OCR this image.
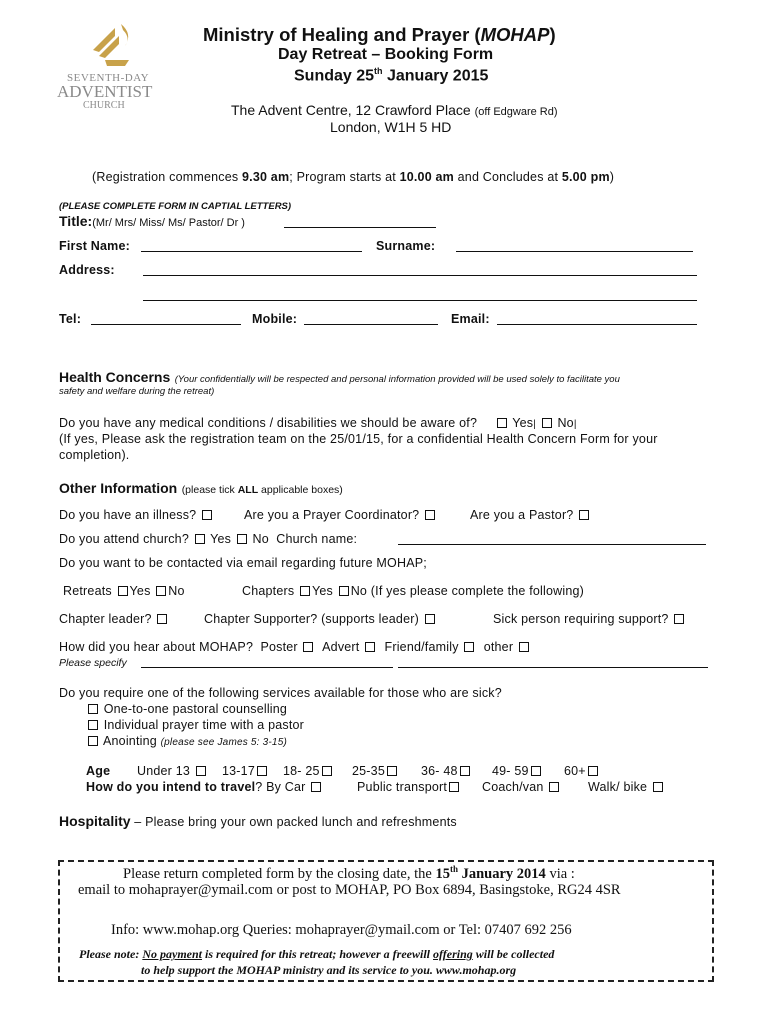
SEVENTH-DAY
ADVENTIST
CHURCH
Ministry of Healing and Prayer (MOHAP)
Day Retreat – Booking Form
Sunday 25th January 2015
The Advent Centre, 12 Crawford Place (off Edgware Rd)
London, W1H 5 HD
(Registration commences 9.30 am; Program starts at 10.00 am and Concludes at 5.00 pm)
(PLEASE COMPLETE FORM IN CAPTIAL LETTERS)
Title:(Mr/ Mrs/ Miss/ Ms/ Pastor/ Dr )
First Name:	Surname:
Address:
Tel:	Mobile:	Email:
Health Concerns (Your confidentially will be respected and personal information provided will be used solely to facilitate you
safety and welfare during the retreat)
Do you have any medical conditions / disabilities we should be aware of?	Yes| No|
(If yes, Please ask the registration team on the 25/01/15, for a confidential Health Concern Form for your
completion).
Other Information (please tick ALL applicable boxes)
Do you have an illness?	Are you a Prayer Coordinator?	Are you a Pastor?
Do you attend church? Yes No Church name:
Do you want to be contacted via email regarding future MOHAP;
Retreats Yes No	Chapters Yes No (If yes please complete the following)
Chapter leader?	Chapter Supporter? (supports leader)	Sick person requiring support?
How did you hear about MOHAP? Poster Advert Friend/family other
Please specify
Do you require one of the following services available for those who are sick?
One-to-one pastoral counselling
Individual prayer time with a pastor
Anointing (please see James 5: 3-15)
Age Under 13	13-17	18- 25	25-35	36- 48	49- 59	60+
How do you intend to travel? By Car	Public transport	Coach/van	Walk/ bike
Hospitality – Please bring your own packed lunch and refreshments
Please return completed form by the closing date, the 15th January 2014 via :
email to mohaprayer@ymail.com or post to MOHAP, PO Box 6894, Basingstoke, RG24 4SR
Info: www.mohap.org Queries: mohaprayer@ymail.com or Tel: 07407 692 256
Please note: No payment is required for this retreat; however a freewill offering will be collected
to help support the MOHAP ministry and its service to you. www.mohap.org
